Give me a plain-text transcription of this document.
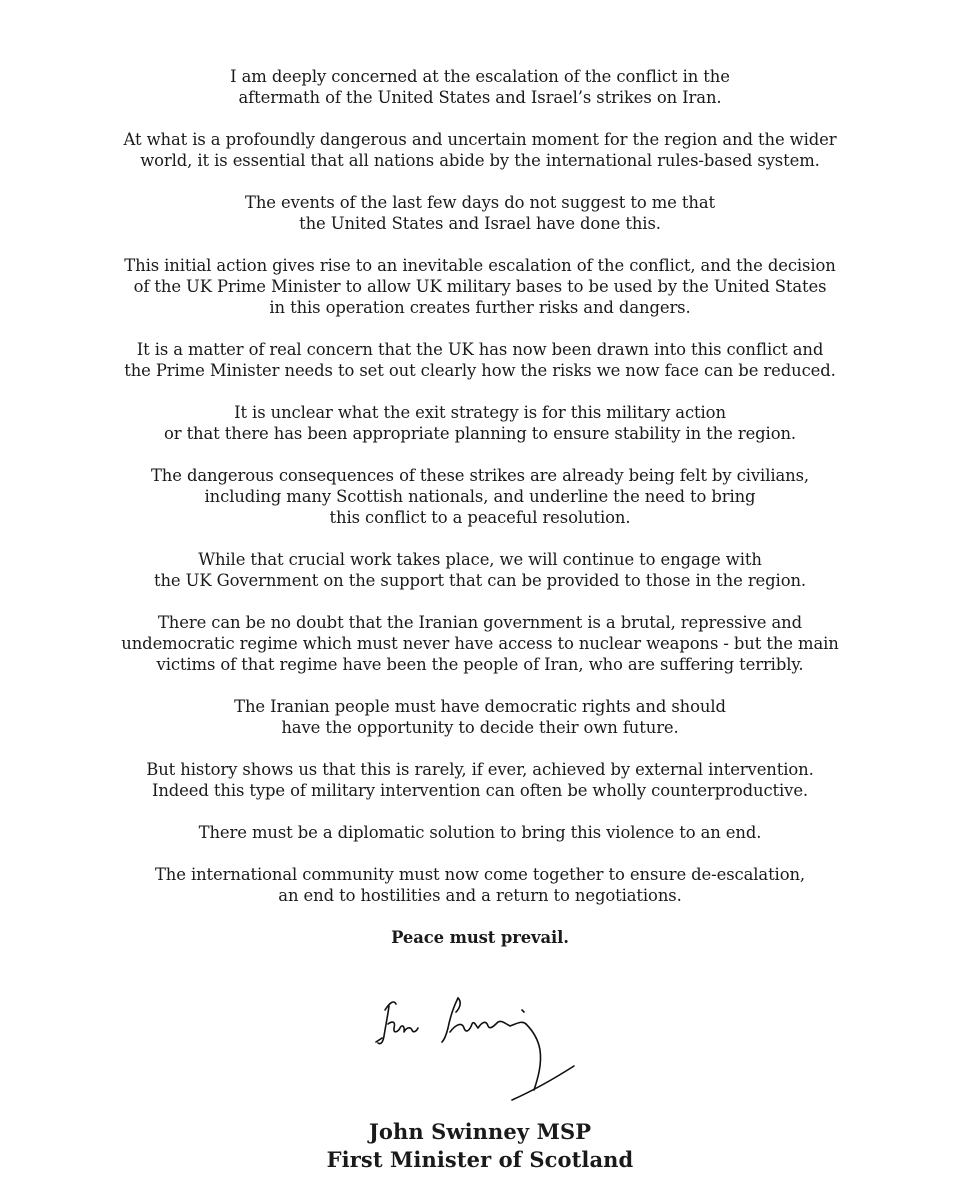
I am deeply concerned at the escalation of the conflict in the
aftermath of the United States and Israel’s strikes on Iran.

At what is a profoundly dangerous and uncertain moment for the region and the wider
world, it is essential that all nations abide by the international rules-based system.

The events of the last few days do not suggest to me that
the United States and Israel have done this.

This initial action gives rise to an inevitable escalation of the conflict, and the decision
of the UK Prime Minister to allow UK military bases to be used by the United States
in this operation creates further risks and dangers.

It is a matter of real concern that the UK has now been drawn into this conflict and
the Prime Minister needs to set out clearly how the risks we now face can be reduced.

It is unclear what the exit strategy is for this military action
or that there has been appropriate planning to ensure stability in the region.

The dangerous consequences of these strikes are already being felt by civilians,
including many Scottish nationals, and underline the need to bring
this conflict to a peaceful resolution.

While that crucial work takes place, we will continue to engage with
the UK Government on the support that can be provided to those in the region.

There can be no doubt that the Iranian government is a brutal, repressive and
undemocratic regime which must never have access to nuclear weapons - but the main
victims of that regime have been the people of Iran, who are suffering terribly.

The Iranian people must have democratic rights and should
have the opportunity to decide their own future.

But history shows us that this is rarely, if ever, achieved by external intervention.
Indeed this type of military intervention can often be wholly counterproductive.

There must be a diplomatic solution to bring this violence to an end.

The international community must now come together to ensure de-escalation,
an end to hostilities and a return to negotiations.

Peace must prevail.

John Swinney MSP
First Minister of Scotland
